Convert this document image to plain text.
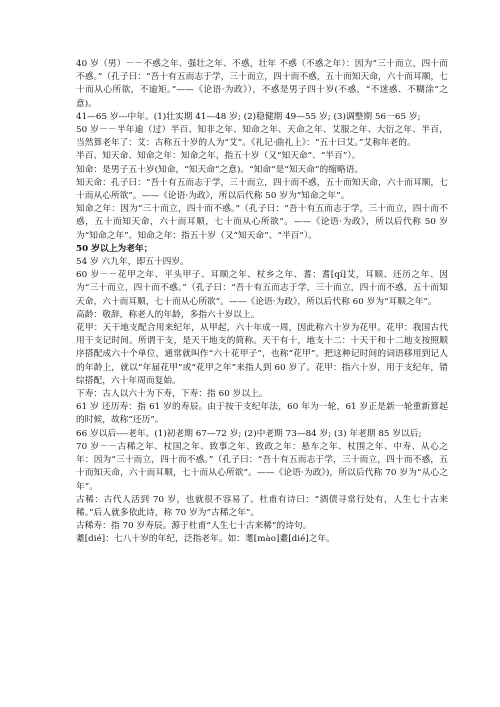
40 岁（男）－－不惑之年、强壮之年、不惑，壮年 不惑（不惑之年）：因为“三十而立，四十而不惑。”（孔子曰：“吾十有五而志于学，三十而立，四十而不惑，五十而知天命，六十而耳顺，七十而从心所欲，不逾矩。”——《论语·为政》），不惑是男子四十岁(不惑，“不迷惑、不糊涂”之意)。

41—65 岁---中年。(1)壮实期 41—48 岁; (2)稳健期 49—55 岁; (3)调整期 56一65 岁;

50 岁－－半年逾（过）半百、知非之年、知命之年、天命之年、艾服之年、大衍之年、半百，当然算老年了：艾：古称五十岁的人为“艾”。《礼记·曲礼上》：“五十曰艾。”艾称年老的。

半百、知天命、知命之年：知命之年，指五十岁（又“知天命”、“半百”）。

知命：是男子五十岁(知命，“知天命”之意)。“知命”是“知天命”的缩略语。

知天命：孔子曰：“吾十有五而志于学，三十而立，四十而不惑，五十而知天命，六十而耳顺，七十而从心所欲”。——《论语·为政》，所以后代称 50 岁为“知命之年”。

知命之年：因为“三十而立，四十而不惑。”（孔子曰：“吾十有五而志于学，三十而立，四十而不惑，五十而知天命，六十而耳顺，七十而从心所欲”。——《论语·为政》，所以后代称 50 岁为“知命之年”。知命之年：指五十岁（又“知天命”、“半百”）。

50 岁以上为老年；

54 岁 六九年，即五十四岁。

60 岁－－花甲之年、平头甲子、耳顺之年、杖乡之年、耆：耆[qí]艾，耳顺、还历之年、因为“三十而立，四十而不惑。”（孔子曰：“吾十有五而志于学，三十而立，四十而不惑，五十而知天命，六十而耳顺，七十而从心所欲”。——《论语·为政》，所以后代称 60 岁为“耳顺之年”。

高龄：敬辞，称老人的年龄，多指六十岁以上。

花甲：天干地支配合用来纪年，从甲起，六十年成一周，因此称六十岁为花甲。花甲：我国古代用干支记时间。所谓干支，是天干地支的简称。天干有十，地支十二：十天干和十二地支按照顺序搭配成六十个单位，通常就叫作“六十花甲子”，也称“花甲”。把这种记时间的词语移用到记人的年龄上，就以“年届花甲”或“花甲之年”来指人到 60 岁了。花甲：指六十岁，用于支纪年，错综搭配，六十年周而复始。

下寿：古人以六十为下寿，下寿：指 60 岁以上。

61 岁 还历寿：指 61 岁的寿辰。由于按干支纪年法，60 年为一轮，61 岁正是新一轮重新算起的时候，故称“还历”。

66 岁以后----老年。(1)初老期 67—72 岁; (2)中老期 73—84 岁; (3) 年老期 85 岁以后;

70 岁－－古稀之年、杖国之年、致事之年、致政之年：悬车之年、杖围之年、中寿、从心之年：因为“三十而立，四十而不惑。”（孔子曰：“吾十有五而志于学，三十而立，四十而不惑，五十而知天命，六十而耳顺，七十而从心所欲”。——《论语·为政》)，所以后代称 70 岁为“从心之年”。

古稀：古代人活到 70 岁，也就很不容易了。杜甫有诗曰：“酒债寻常行处有，人生七十古来稀。”后人就多依此诗，称 70 岁为“古稀之年”。

古稀寿：指 70 岁寿辰。源于杜甫“人生七十古来稀”的诗句。

耋[dié]：七八十岁的年纪，泛指老年。如：耄[mào]耋[dié]之年。
